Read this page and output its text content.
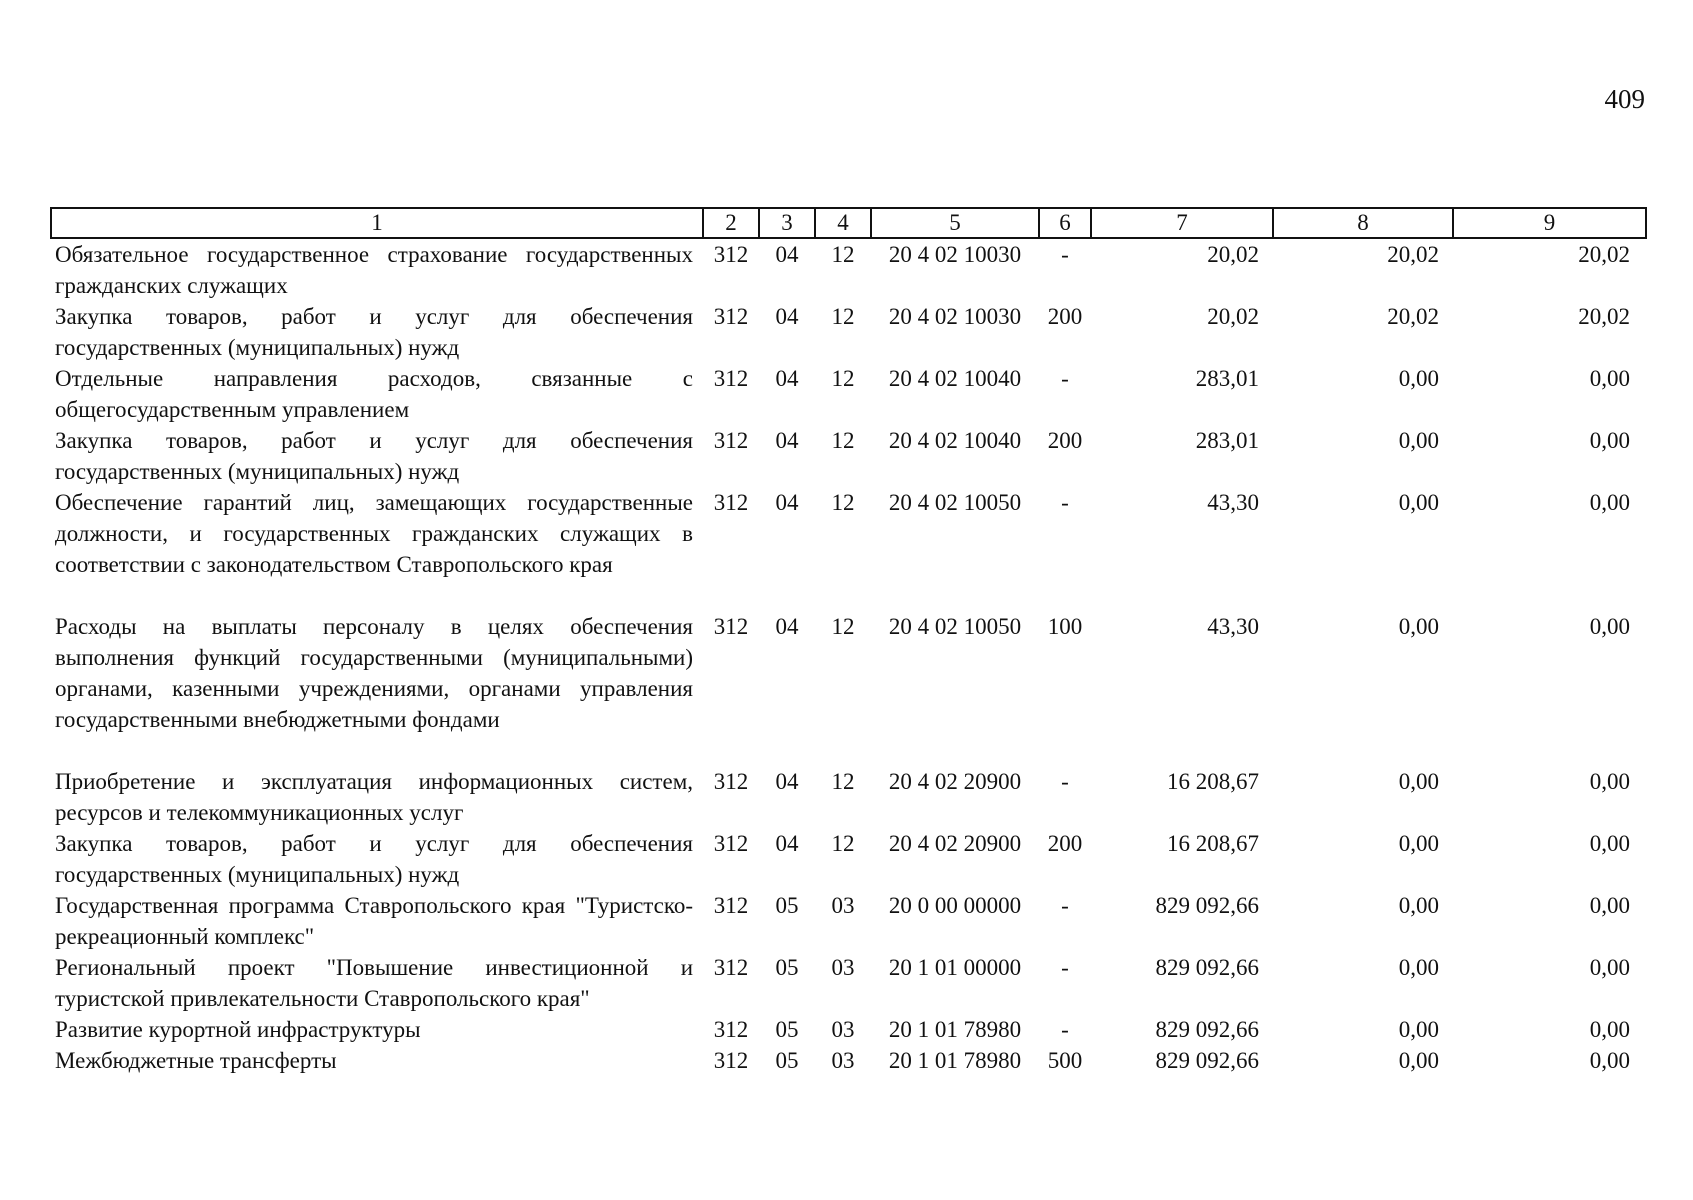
409
1	2	3	4	5	6	7	8	9
Обязательное государственное страхование государственных гражданских служащих	312	04	12	20 4 02 10030	-	20,02	20,02	20,02
Закупка товаров, работ и услуг для обеспечения государственных (муниципальных) нужд	312	04	12	20 4 02 10030	200	20,02	20,02	20,02
Отдельные направления расходов, связанные с общегосударственным управлением	312	04	12	20 4 02 10040	-	283,01	0,00	0,00
Закупка товаров, работ и услуг для обеспечения государственных (муниципальных) нужд	312	04	12	20 4 02 10040	200	283,01	0,00	0,00
Обеспечение гарантий лиц, замещающих государственные должности, и государственных гражданских служащих в соответствии с законодательством Ставропольского края	312	04	12	20 4 02 10050	-	43,30	0,00	0,00
Расходы на выплаты персоналу в целях обеспечения выполнения функций государственными (муниципальными) органами, казенными учреждениями, органами управления государственными внебюджетными фондами	312	04	12	20 4 02 10050	100	43,30	0,00	0,00
Приобретение и эксплуатация информационных систем, ресурсов и телекоммуникационных услуг	312	04	12	20 4 02 20900	-	16 208,67	0,00	0,00
Закупка товаров, работ и услуг для обеспечения государственных (муниципальных) нужд	312	04	12	20 4 02 20900	200	16 208,67	0,00	0,00
Государственная программа Ставропольского края "Туристско-рекреационный комплекс"	312	05	03	20 0 00 00000	-	829 092,66	0,00	0,00
Региональный проект "Повышение инвестиционной и туристской привлекательности Ставропольского края"	312	05	03	20 1 01 00000	-	829 092,66	0,00	0,00
Развитие курортной инфраструктуры	312	05	03	20 1 01 78980	-	829 092,66	0,00	0,00
Межбюджетные трансферты	312	05	03	20 1 01 78980	500	829 092,66	0,00	0,00
